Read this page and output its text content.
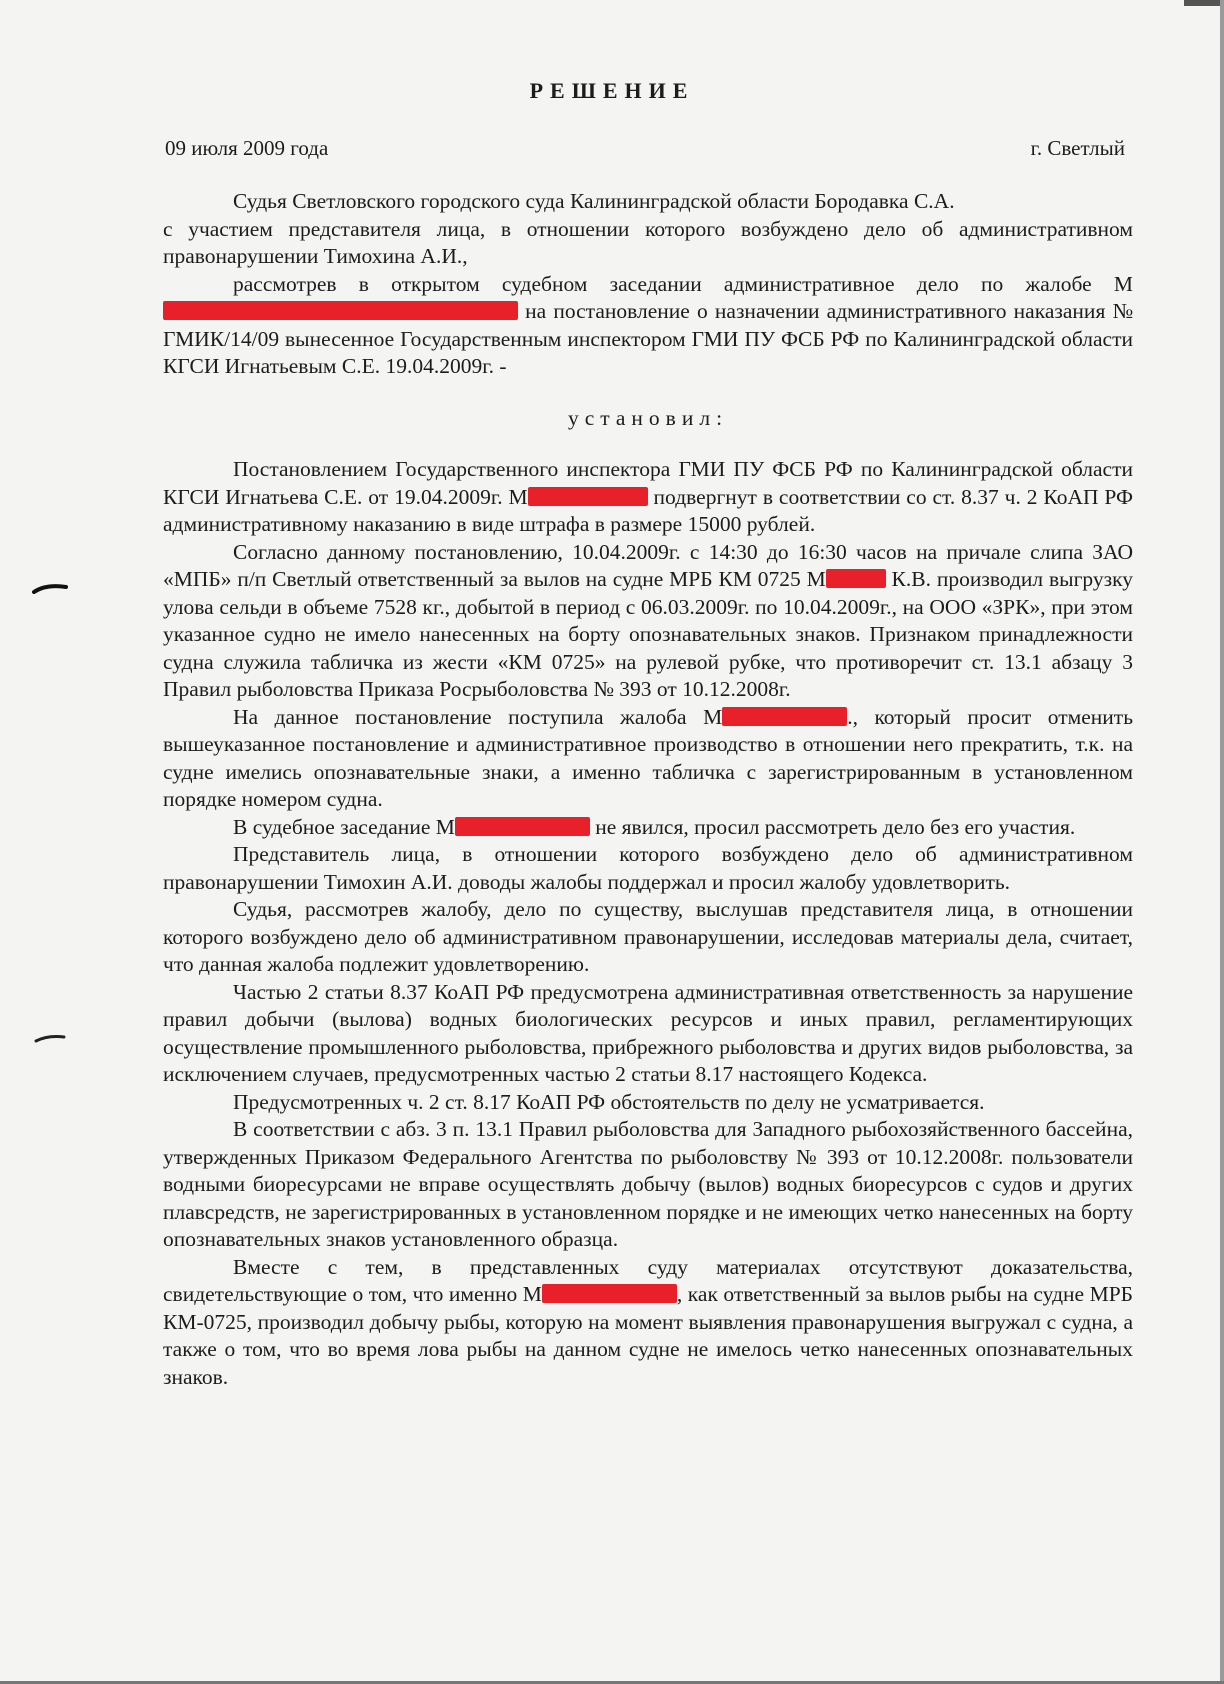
РЕШЕНИЕ
09 июля 2009 года	г. Светлый

Судья Светловского городского суда Калининградской области Бородавка С.А.

с участием представителя лица, в отношении которого возбуждено дело об административном правонарушении Тимохина А.И.,

рассмотрев в открытом судебном заседании административное дело по жалобе М на постановление о назначении административного наказания № ГМИК/14/09 вынесенное Государственным инспектором ГМИ ПУ ФСБ РФ по Калининградской области КГСИ Игнатьевым С.Е. 19.04.2009г. -

установил:

Постановлением Государственного инспектора ГМИ ПУ ФСБ РФ по Калининградской области КГСИ Игнатьева С.Е. от 19.04.2009г. М	подвергнут в соответствии со ст. 8.37 ч. 2 КоАП РФ административному наказанию в виде штрафа в размере 15000 рублей.

Согласно данному постановлению, 10.04.2009г. с 14:30 до 16:30 часов на причале слипа ЗАО «МПБ» п/п Светлый ответственный за вылов на судне МРБ КМ 0725 М	К.В. производил выгрузку улова сельди в объеме 7528 кг., добытой в период с 06.03.2009г. по 10.04.2009г., на ООО «ЗРК», при этом указанное судно не имело нанесенных на борту опознавательных знаков. Признаком принадлежности судна служила табличка из жести «КМ 0725» на рулевой рубке, что противоречит ст. 13.1 абзацу 3 Правил рыболовства Приказа Росрыболовства № 393 от 10.12.2008г.

На данное постановление поступила жалоба М	., который просит отменить вышеуказанное постановление и административное производство в отношении него прекратить, т.к. на судне имелись опознавательные знаки, а именно табличка с зарегистрированным в установленном порядке номером судна.

В судебное заседание М	не явился, просил рассмотреть дело без его участия.

Представитель лица, в отношении которого возбуждено дело об административном правонарушении Тимохин А.И. доводы жалобы поддержал и просил жалобу удовлетворить.

Судья, рассмотрев жалобу, дело по существу, выслушав представителя лица, в отношении которого возбуждено дело об административном правонарушении, исследовав материалы дела, считает, что данная жалоба подлежит удовлетворению.

Частью 2 статьи 8.37 КоАП РФ предусмотрена административная ответственность за нарушение правил добычи (вылова) водных биологических ресурсов и иных правил, регламентирующих осуществление промышленного рыболовства, прибрежного рыболовства и других видов рыболовства, за исключением случаев, предусмотренных частью 2 статьи 8.17 настоящего Кодекса.

Предусмотренных ч. 2 ст. 8.17 КоАП РФ обстоятельств по делу не усматривается.

В соответствии с абз. 3 п. 13.1 Правил рыболовства для Западного рыбохозяйственного бассейна, утвержденных Приказом Федерального Агентства по рыболовству № 393 от 10.12.2008г. пользователи водными биоресурсами не вправе осуществлять добычу (вылов) водных биоресурсов с судов и других плавсредств, не зарегистрированных в установленном порядке и не имеющих четко нанесенных на борту опознавательных знаков установленного образца.

Вместе с тем, в представленных суду материалах отсутствуют доказательства, свидетельствующие о том, что именно М	, как ответственный за вылов рыбы на судне МРБ КМ-0725, производил добычу рыбы, которую на момент выявления правонарушения выгружал с судна, а также о том, что во время лова рыбы на данном судне не имелось четко нанесенных опознавательных знаков.
